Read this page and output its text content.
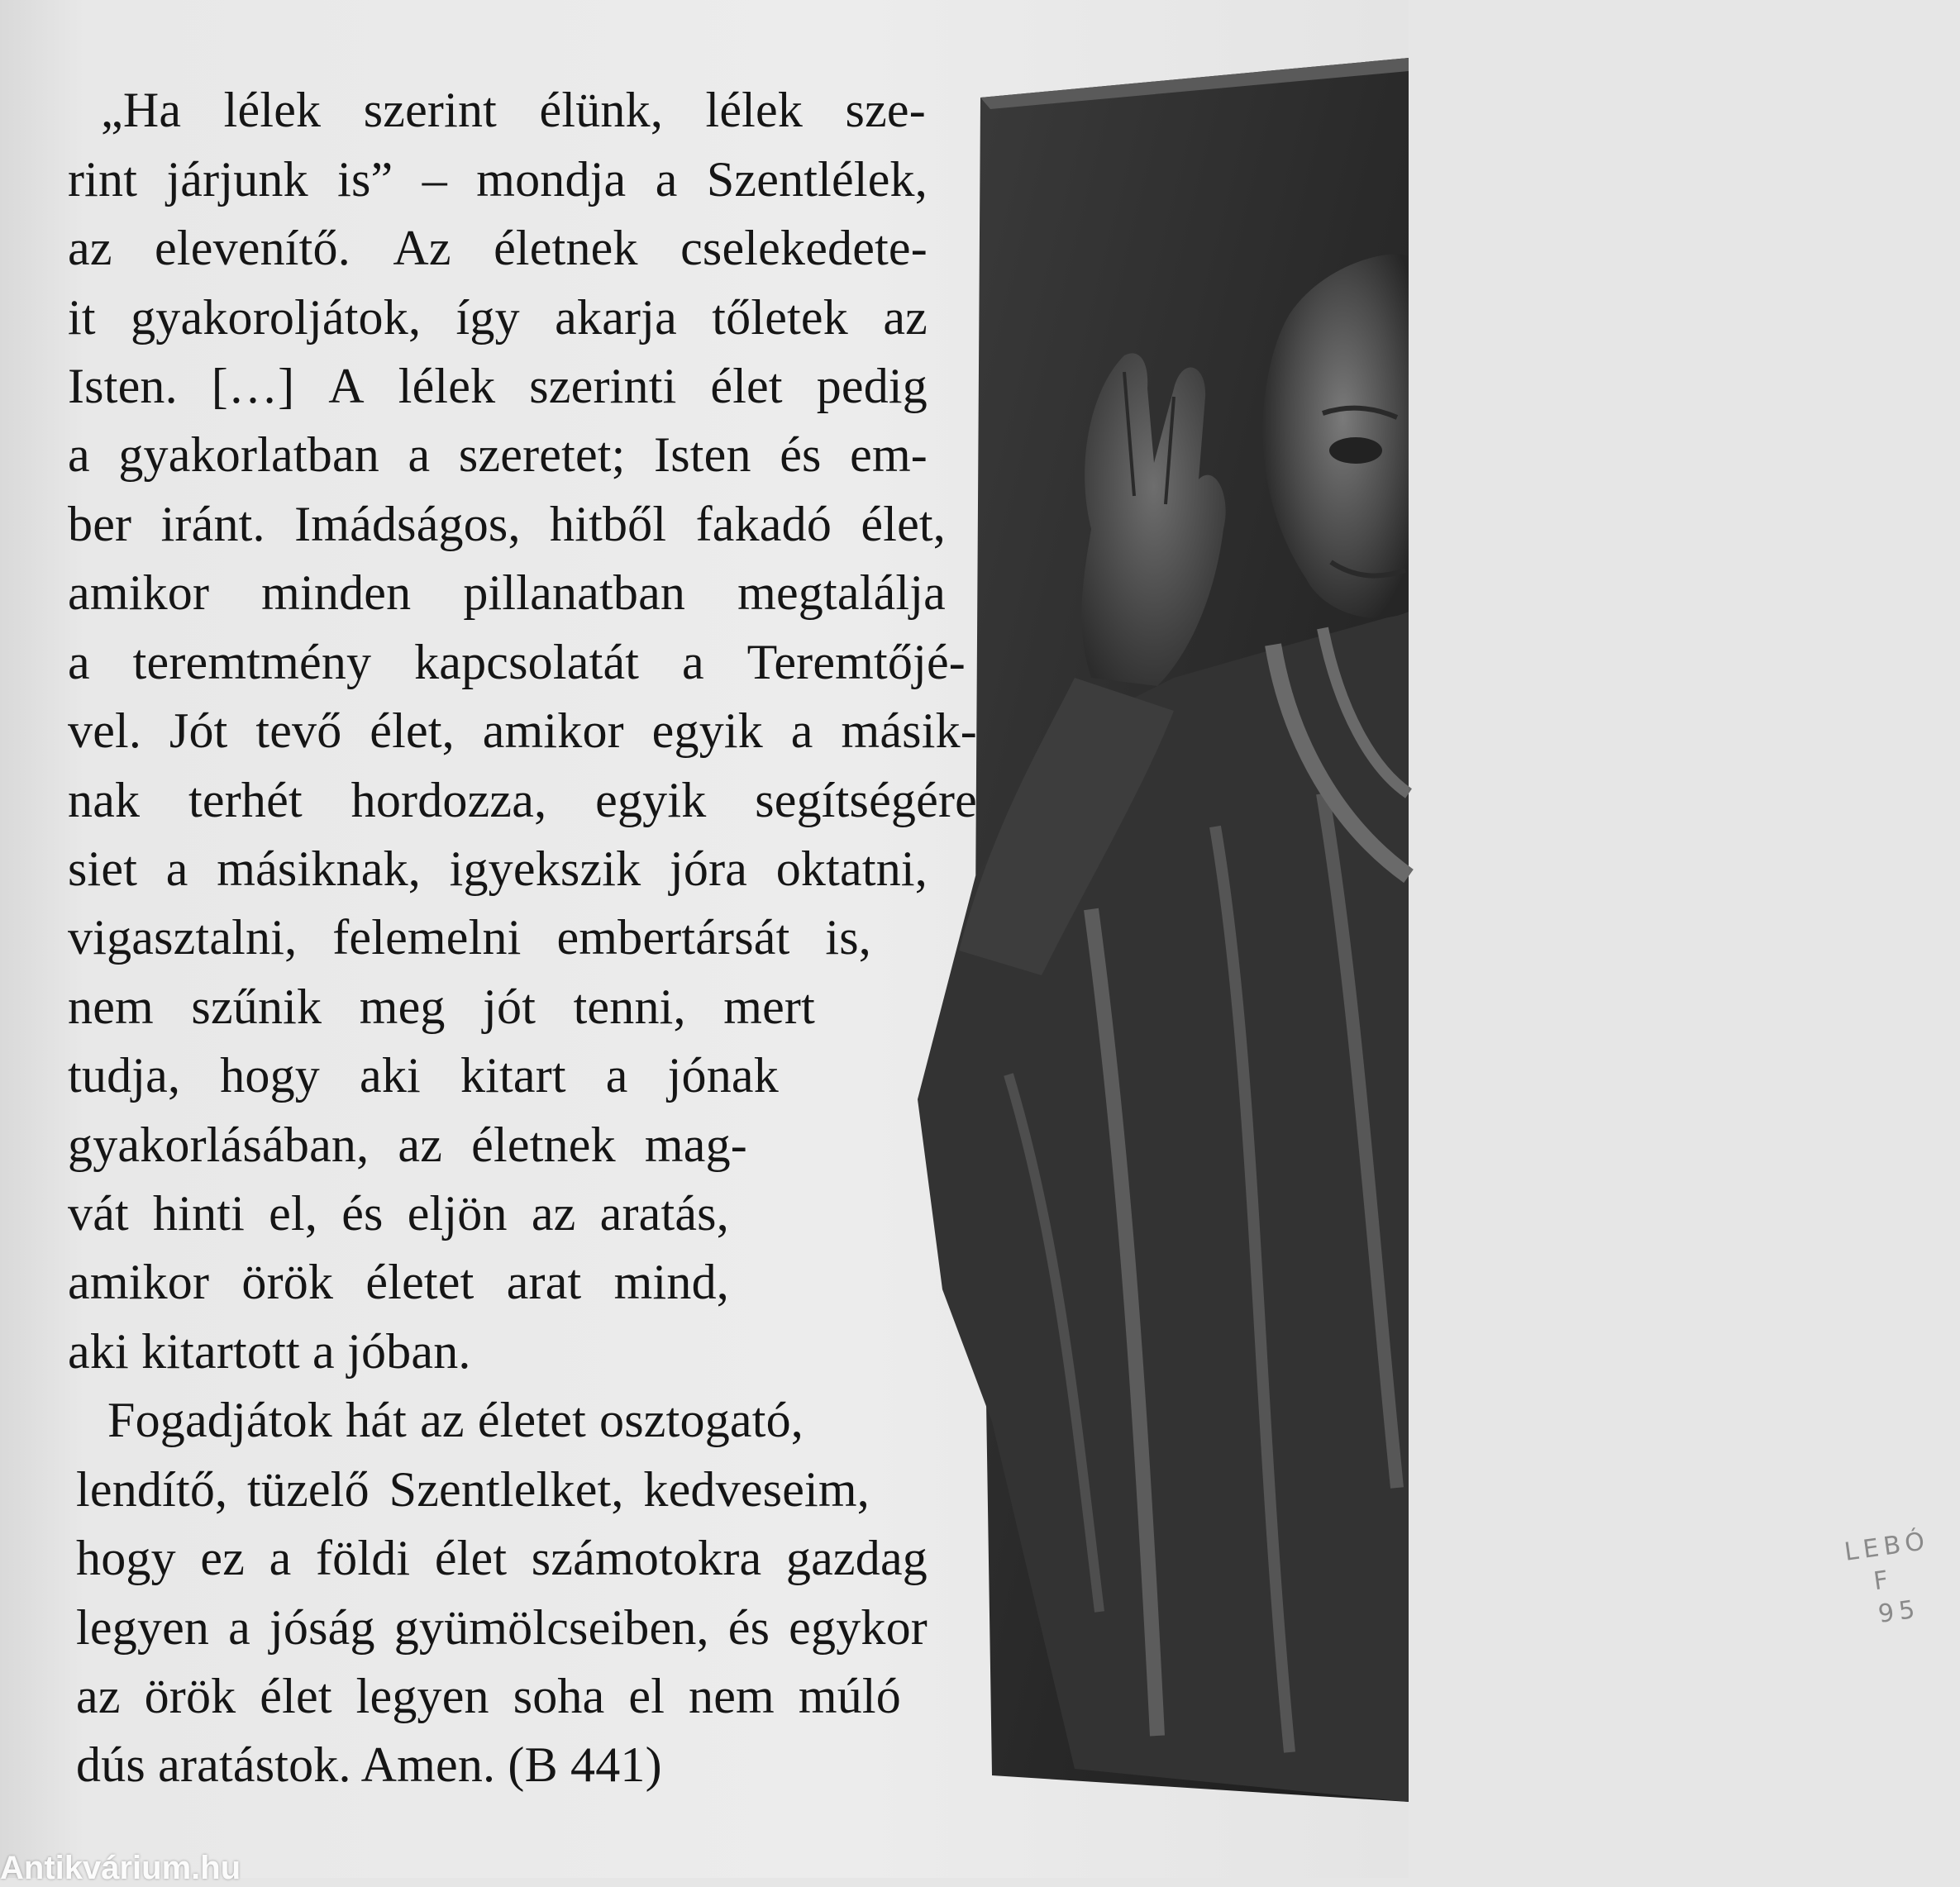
LEBÓ
F
95
„Ha lélek szerint élünk, lélek sze-
rint járjunk is” – mondja a Szentlélek,
az elevenítő. Az életnek cselekedete-
it gyakoroljátok, így akarja tőletek az
Isten. […] A lélek szerinti élet pedig
a gyakorlatban a szeretet; Isten és em-
ber iránt. Imádságos, hitből fakadó élet,
amikor minden pillanatban megtalálja
a teremtmény kapcsolatát a Teremtőjé-
vel. Jót tevő élet, amikor egyik a másik-
nak terhét hordozza, egyik segítségére
siet a másiknak, igyekszik jóra oktatni,
vigasztalni, felemelni embertársát is,
nem szűnik meg jót tenni, mert
tudja, hogy aki kitart a jónak
gyakorlásában, az életnek mag-
vát hinti el, és eljön az aratás,
amikor örök életet arat mind,
aki kitartott a jóban.
Fogadjátok hát az életet osztogató,
lendítő, tüzelő Szentlelket, kedveseim,
hogy ez a földi élet számotokra gazdag
legyen a jóság gyümölcseiben, és egykor
az örök élet legyen soha el nem múló
dús aratástok. Amen. (B 441)
Antikvárium.hu
